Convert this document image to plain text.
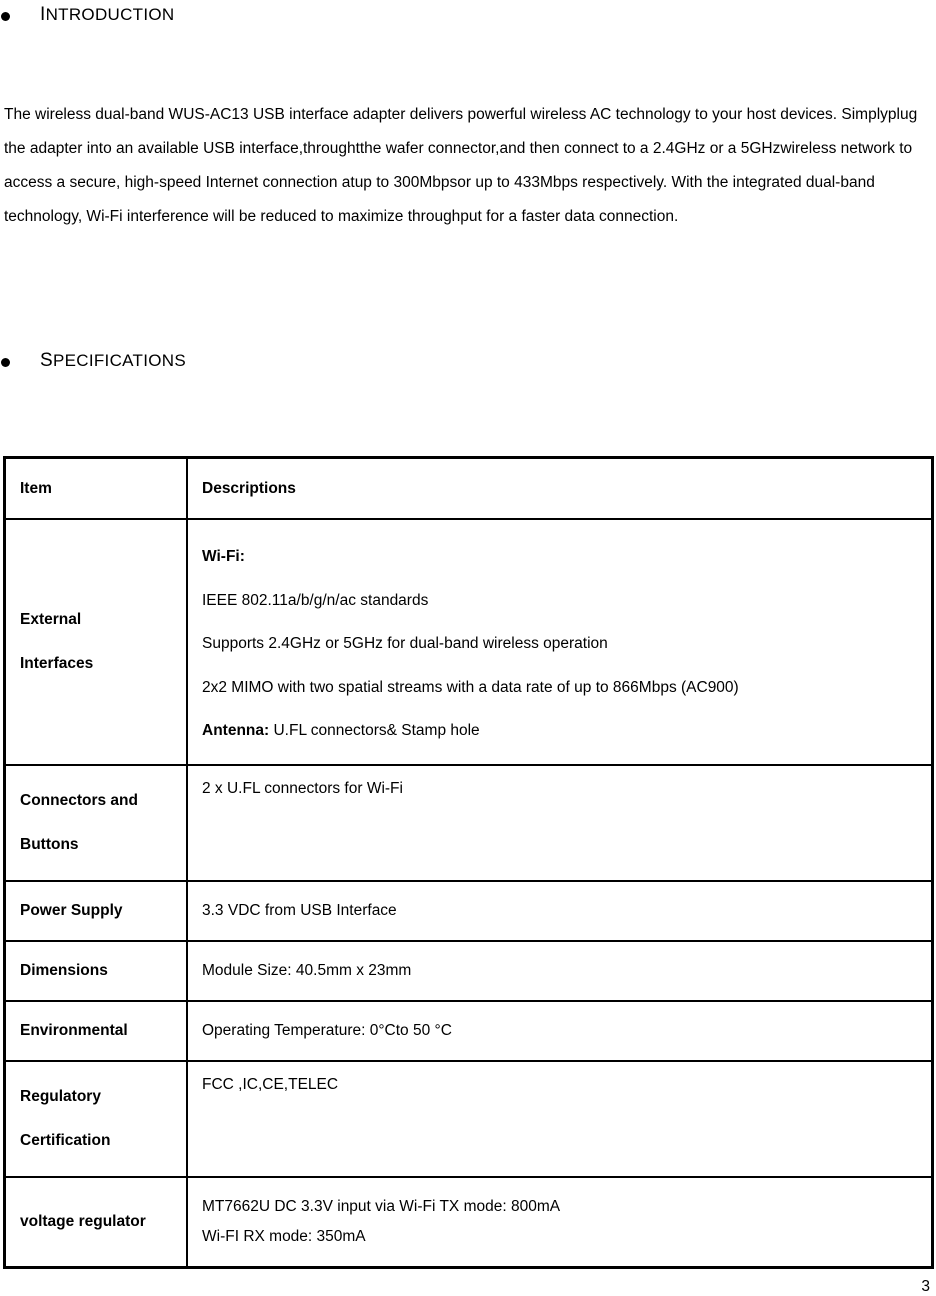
INTRODUCTION

The wireless dual-band WUS-AC13 USB interface adapter delivers powerful wireless AC technology to your host devices. Simplyplug the adapter into an available USB interface,throughtthe wafer connector,and then connect to a 2.4GHz or a 5GHzwireless network to access a secure, high-speed Internet connection atup to 300Mbpsor up to 433Mbps respectively. With the integrated dual-band technology, Wi-Fi interference will be reduced to maximize throughput for a faster data connection.

SPECIFICATIONS
Item	Descriptions
External
Interfaces	Wi-Fi:
IEEE 802.11a/b/g/n/ac standards
Supports 2.4GHz or 5GHz for dual-band wireless operation
2x2 MIMO with two spatial streams with a data rate of up to 866Mbps (AC900)
Antenna: U.FL connectors& Stamp hole
Connectors and
Buttons	2 x U.FL connectors for Wi-Fi
Power Supply	3.3 VDC from USB Interface
Dimensions	Module Size: 40.5mm x 23mm
Environmental	Operating Temperature: 0°Cto 50 °C
Regulatory
Certification	FCC ,IC,CE,TELEC
voltage regulator	MT7662U DC 3.3V input via Wi-Fi TX mode: 800mA
Wi-FI RX mode: 350mA
3
